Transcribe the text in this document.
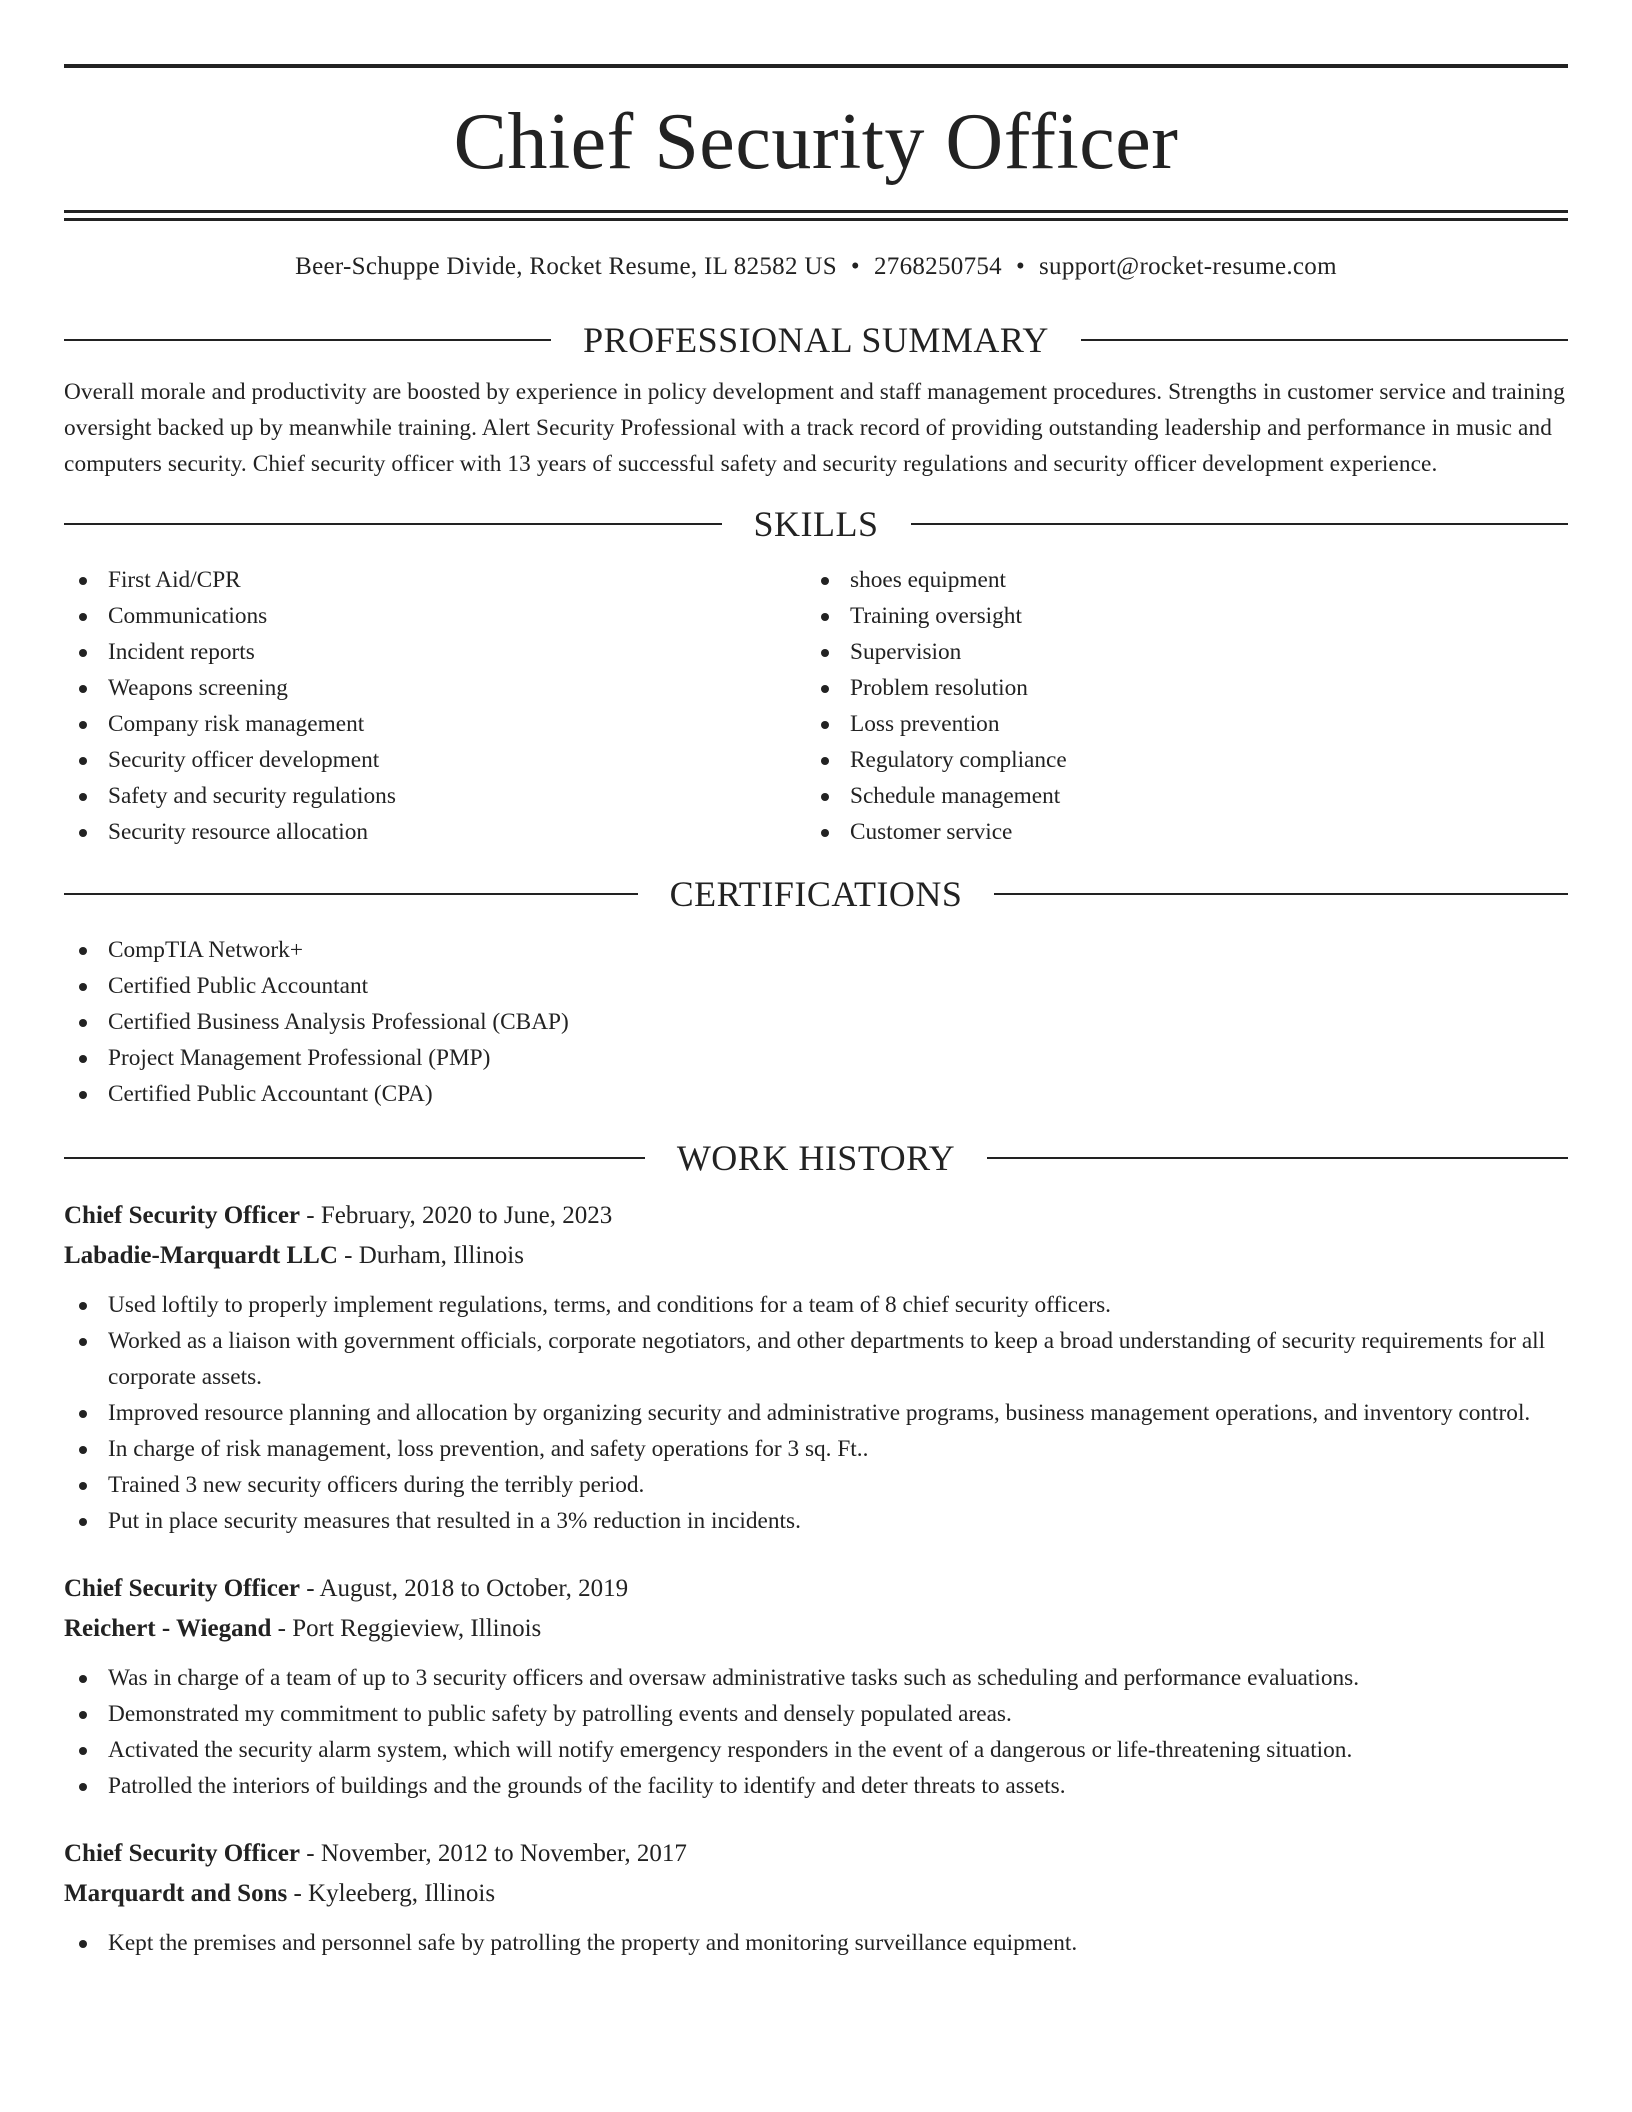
Chief Security Officer
Beer-Schuppe Divide, Rocket Resume, IL 82582 US • 2768250754 • support@rocket-resume.com
PROFESSIONAL SUMMARY

Overall morale and productivity are boosted by experience in policy development and staff management procedures. Strengths in customer service and training oversight backed up by meanwhile training. Alert Security Professional with a track record of providing outstanding leadership and performance in music and computers security. Chief security officer with 13 years of successful safety and security regulations and security officer development experience.

SKILLS
First Aid/CPR
Communications
Incident reports
Weapons screening
Company risk management
Security officer development
Safety and security regulations
Security resource allocation
shoes equipment
Training oversight
Supervision
Problem resolution
Loss prevention
Regulatory compliance
Schedule management
Customer service
CERTIFICATIONS
CompTIA Network+
Certified Public Accountant
Certified Business Analysis Professional (CBAP)
Project Management Professional (PMP)
Certified Public Accountant (CPA)
WORK HISTORY
Chief Security Officer - February, 2020 to June, 2023
Labadie-Marquardt LLC - Durham, Illinois
Used loftily to properly implement regulations, terms, and conditions for a team of 8 chief security officers.
Worked as a liaison with government officials, corporate negotiators, and other departments to keep a broad understanding of security requirements for all corporate assets.
Improved resource planning and allocation by organizing security and administrative programs, business management operations, and inventory control.
In charge of risk management, loss prevention, and safety operations for 3 sq. Ft..
Trained 3 new security officers during the terribly period.
Put in place security measures that resulted in a 3% reduction in incidents.
Chief Security Officer - August, 2018 to October, 2019
Reichert - Wiegand - Port Reggieview, Illinois
Was in charge of a team of up to 3 security officers and oversaw administrative tasks such as scheduling and performance evaluations.
Demonstrated my commitment to public safety by patrolling events and densely populated areas.
Activated the security alarm system, which will notify emergency responders in the event of a dangerous or life-threatening situation.
Patrolled the interiors of buildings and the grounds of the facility to identify and deter threats to assets.
Chief Security Officer - November, 2012 to November, 2017
Marquardt and Sons - Kyleeberg, Illinois
Kept the premises and personnel safe by patrolling the property and monitoring surveillance equipment.
